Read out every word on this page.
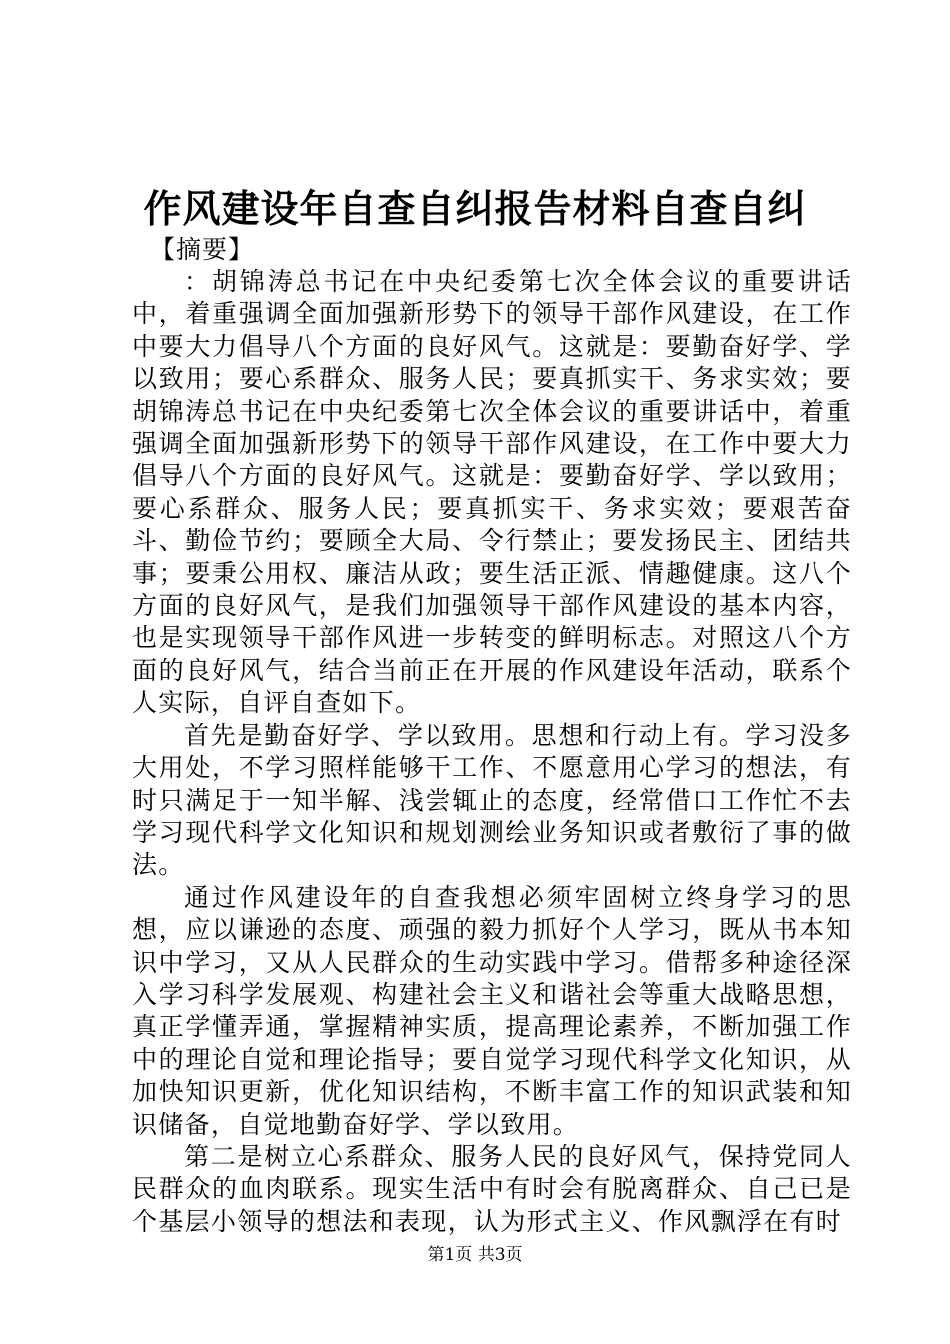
作风建设年自查自纠报告材料自查自纠
【摘要】

：胡锦涛总书记在中央纪委第七次全体会议的重要讲话中，着重强调全面加强新形势下的领导干部作风建设，在工作中要大力倡导八个方面的良好风气。这就是：要勤奋好学、学以致用；要心系群众、服务人民；要真抓实干、务求实效；要胡锦涛总书记在中央纪委第七次全体会议的重要讲话中，着重强调全面加强新形势下的领导干部作风建设，在工作中要大力倡导八个方面的良好风气。这就是：要勤奋好学、学以致用；要心系群众、服务人民；要真抓实干、务求实效；要艰苦奋斗、勤俭节约；要顾全大局、令行禁止；要发扬民主、团结共事；要秉公用权、廉洁从政；要生活正派、情趣健康。这八个方面的良好风气，是我们加强领导干部作风建设的基本内容，也是实现领导干部作风进一步转变的鲜明标志。对照这八个方面的良好风气，结合当前正在开展的作风建设年活动，联系个人实际，自评自查如下。

首先是勤奋好学、学以致用。思想和行动上有。学习没多大用处，不学习照样能够干工作、不愿意用心学习的想法，有时只满足于一知半解、浅尝辄止的态度，经常借口工作忙不去学习现代科学文化知识和规划测绘业务知识或者敷衍了事的做法。

通过作风建设年的自查我想必须牢固树立终身学习的思想，应以谦逊的态度、顽强的毅力抓好个人学习，既从书本知识中学习，又从人民群众的生动实践中学习。借帮多种途径深入学习科学发展观、构建社会主义和谐社会等重大战略思想，真正学懂弄通，掌握精神实质，提高理论素养，不断加强工作中的理论自觉和理论指导；要自觉学习现代科学文化知识，从加快知识更新，优化知识结构，不断丰富工作的知识武装和知识储备，自觉地勤奋好学、学以致用。

第二是树立心系群众、服务人民的良好风气，保持党同人民群众的血肉联系。现实生活中有时会有脱离群众、自己已是个基层小领导的想法和表现，认为形式主义、作风飘浮在有时

第1页 共3页
